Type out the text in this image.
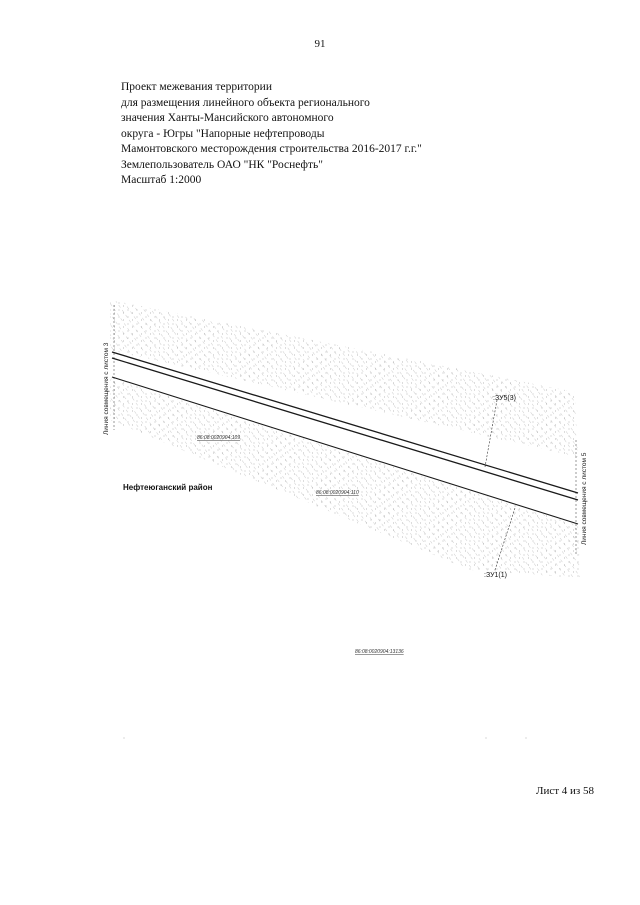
91
Проект межевания территории
для размещения линейного объекта регионального
значения Ханты-Мансийского автономного
округа - Югры "Напорные нефтепроводы
Мамонтовского месторождения строительства 2016-2017 г.г."
Землепользователь ОАО "НК "Роснефть"
Масштаб 1:2000
Линия совмещения с листом 3
Линия совмещения с листом 5
:ЗУ5(3)
:ЗУ1(1)
86:08:0020904:109
86:08:0020904:110
86:08:0020904:13136
Нефтеюганский район
Лист 4 из 58
